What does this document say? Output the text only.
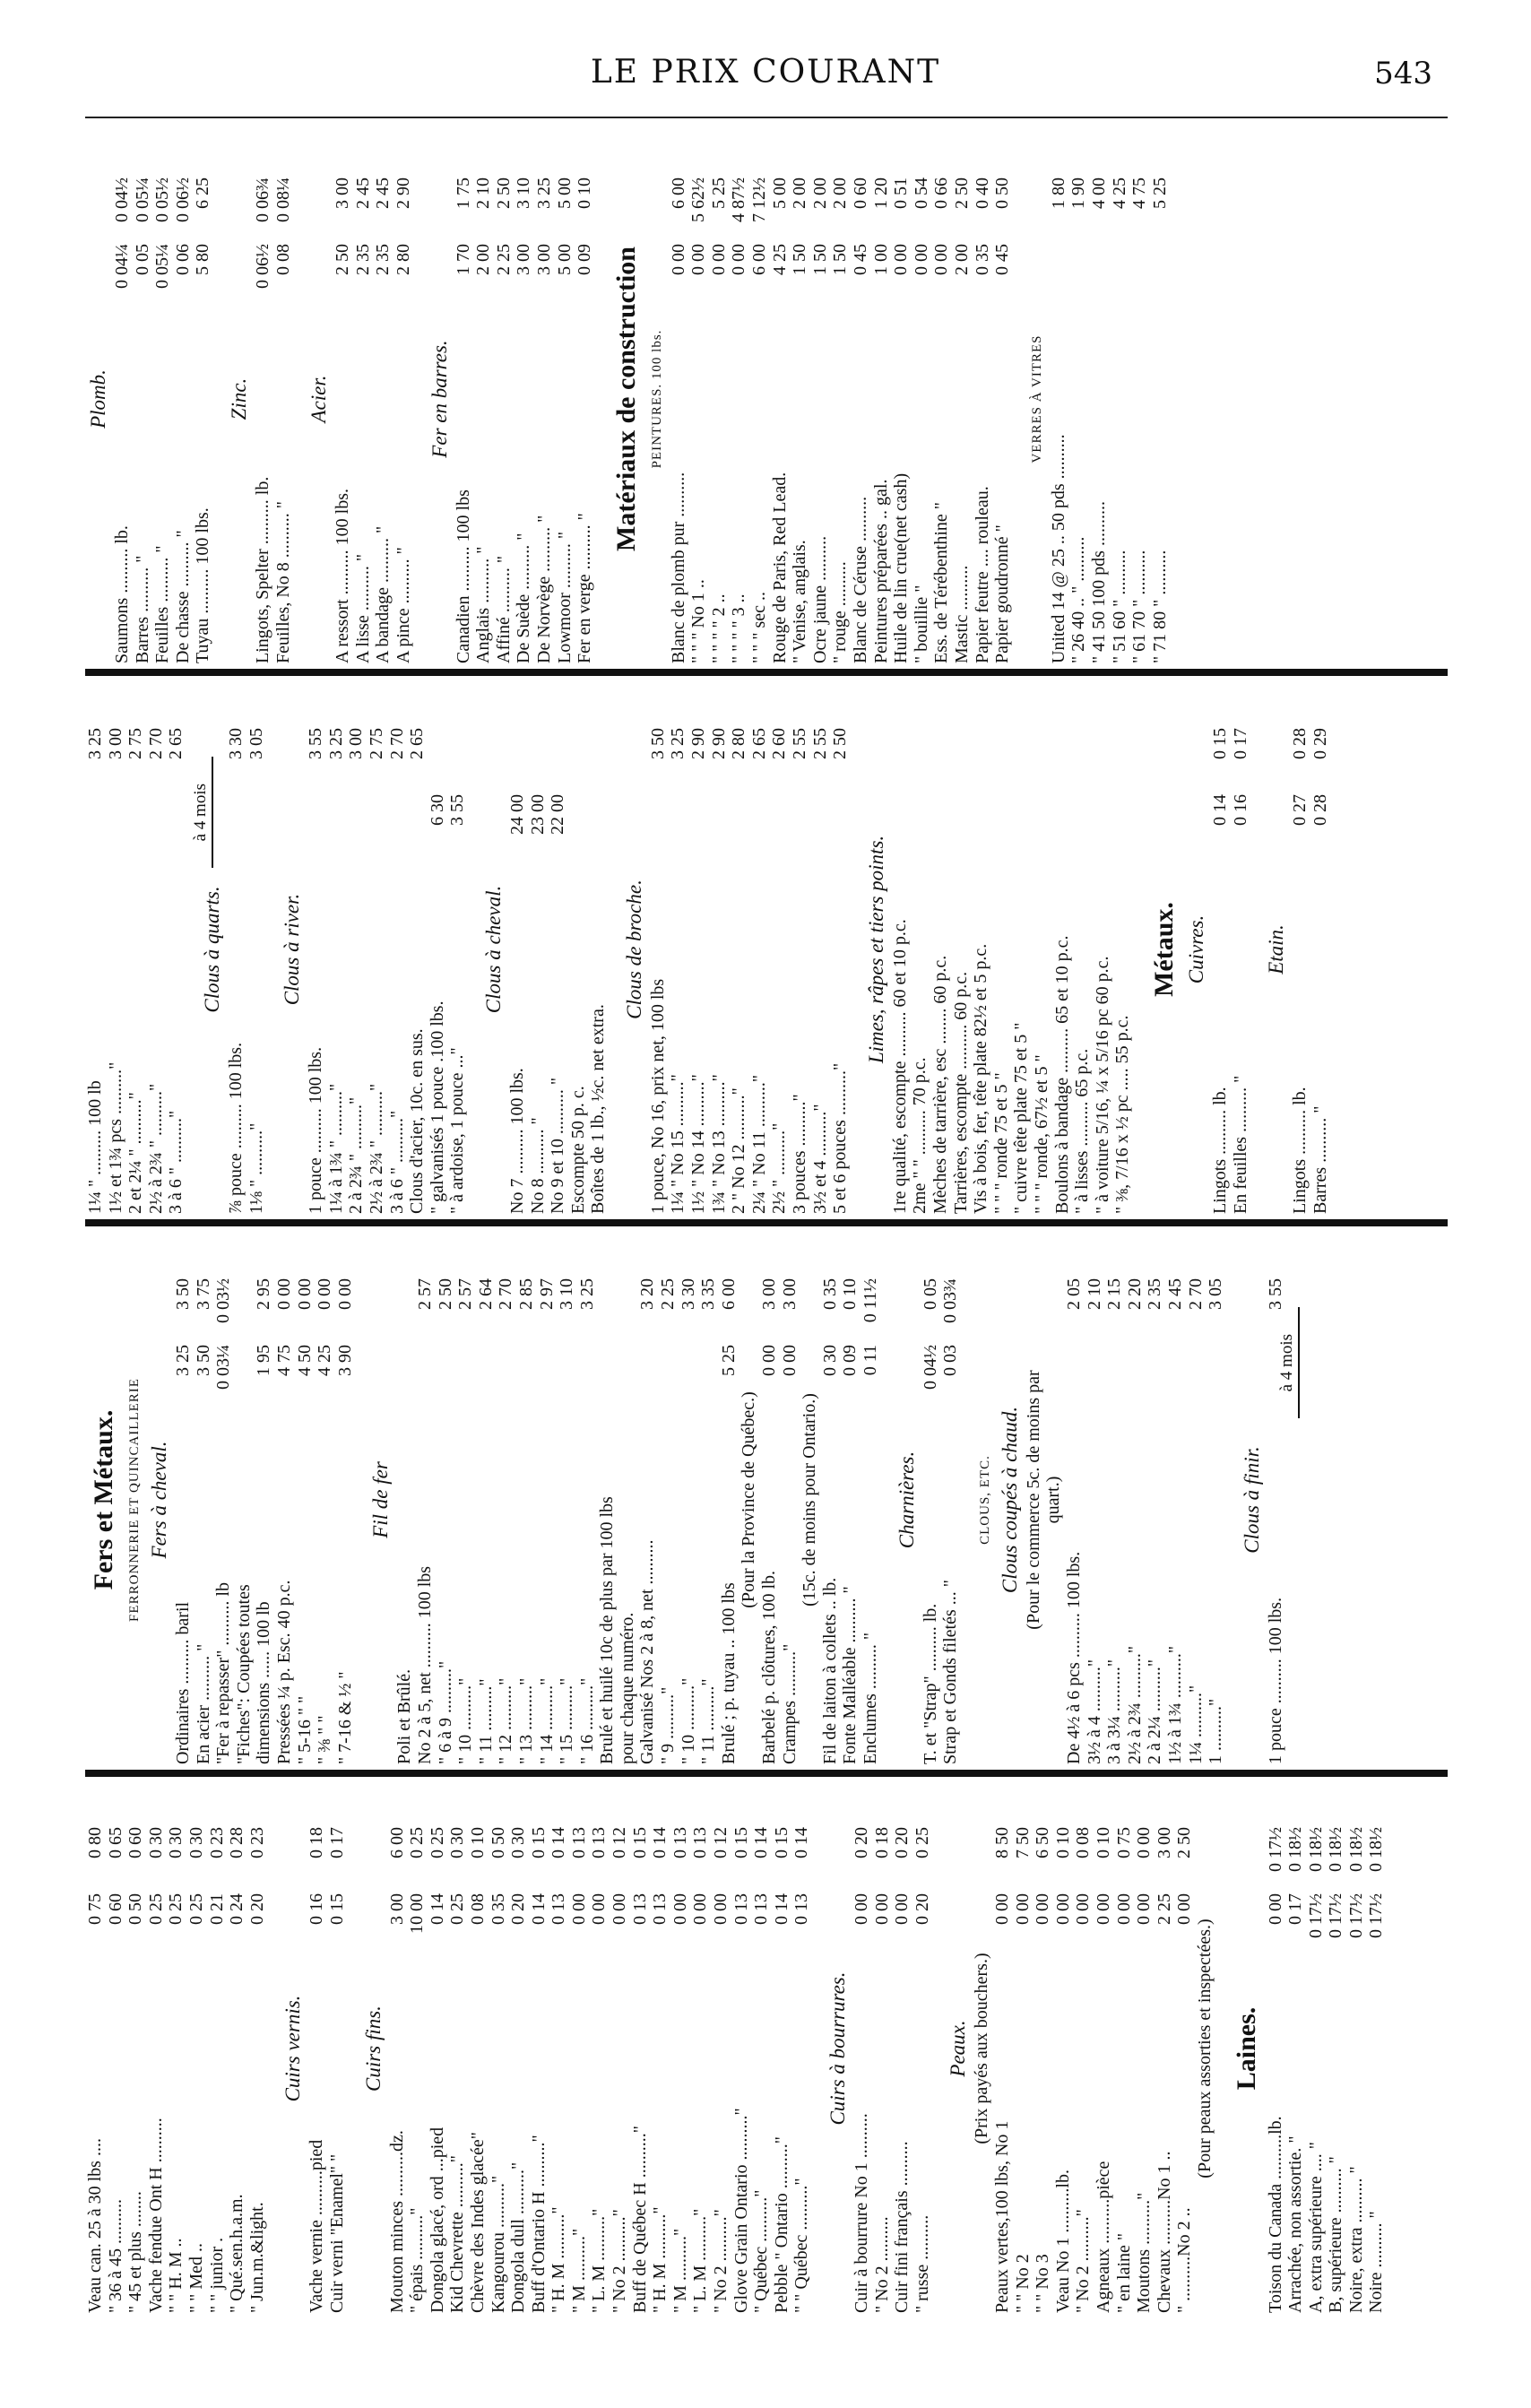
LE PRIX COURANT	543
Veau can. 25 à 30 lbs ....
0 75
0 80
" 36 à 45 ..........
0 60
0 65
" 45 et plus ........
0 50
0 60
Vache fendue Ont H ..........
0 25
0 30
" " H. M ..
0 25
0 30
" " Med ..
0 25
0 30
" " junior .
0 21
0 23
" Qué.sen.h.a.m.
0 24
0 28
" Jun.m.&light.
0 20
0 23
Cuirs vernis.
Vache vernie ..........pied
0 16
0 18
Cuir verni "Enamel" "
0 15
0 17
Cuirs fins.
Mouton minces ..........dz.
3 00
6 00
" épais .........."
10 00
0 25
Dongola glacé, ord ...pied
0 14
0 25
Kid Chevrette .........."
0 25
0 30
Chèvre des Indes glacée"
0 08
0 10
Kangourou .........."
0 35
0 50
Dongola dull .........."
0 20
0 30
Buff d'Ontario H .........."
0 14
0 15
" H. M .........."
0 13
0 14
" M .........."
0 00
0 13
" L. M .........."
0 00
0 13
" No 2 .........."
0 00
0 12
Buff de Québec H .........."
0 13
0 15
" H. M .........."
0 13
0 14
" M .........."
0 00
0 13
" L. M .........."
0 00
0 13
" No 2 .........."
0 00
0 12
Glove Grain Ontario .........."
0 13
0 15
" Québec .........."
0 13
0 14
Pebble " Ontario .........."
0 14
0 15
" " Québec .........."
0 13
0 14
Cuirs à bourrures.
Cuir à bourrure No 1 ..........
0 00
0 20
" No 2 ..........
0 00
0 18
Cuir fini français ..........
0 00
0 20
" russe ..........
0 20
0 25
Peaux. (Prix payés aux bouchers.)
Peaux vertes,100 lbs, No 1
0 00
8 50
" " No 2
0 00
7 50
" " No 3
0 00
6 50
Veau No 1 ..........lb.
0 00
0 10
" No 2 .........."
0 00
0 08
Agneaux ..........pièce
0 00
0 10
" en laine "
0 00
0 75
Moutons .........."
0 00
0 00
Chevaux ..........No 1 ..
2 25
3 00
" ..........No 2 ..
0 00
2 50
(Pour peaux assorties et inspectées.) Laines.
Toison du Canada ..........lb.
0 00
0 17½
Arrachée, non assortie. "
0 17
0 18½
A, extra supérieure .... "
0 17½
0 18½
B, supérieure .......... "
0 17½
0 18½
Noire, extra .......... "
0 17½
0 18½
Noire .......... "
0 17½
0 18½
Fers et Métaux. FERRONNERIE ET QUINCAILLERIE Fers à cheval.
Ordinaires .......... baril
3 25
3 50
En acier .......... "
3 50
3 75
"Fer à repasser" .......... lb
0 03¼
0 03½
"Fiches": Coupées toutes dimensions ...... 100 lb
1 95
2 95
Pressées ¼ p. Esc. 40 p.c.
4 75
0 00
" 5-16 " "
4 50
0 00
" ⅜ " "
4 25
0 00
" 7-16 & ½ "
3 90
0 00
Fil de fer
Poli et Brûlé. No 2 à 5, net .......... 100 lbs
2 57
" 6 à 9 .........."
2 50
" 10 .........."
2 57
" 11 .........."
2 64
" 12 .........."
2 70
" 13 .........."
2 85
" 14 .........."
2 97
" 15 .........."
3 10
" 16 .........."
3 25
Brulé et huilé 10c de plus par 100 lbs pour chaque numéro. Galvanisé Nos 2 à 8, net ..........
3 20
" 9 .........."
2 25
" 10 .........."
3 30
" 11 .........."
3 35
Brulé ; p. tuyau .. 100 lbs
5 25
6 00
(Pour la Province de Québec.)
Barbelé p. clôtures, 100 lb.
0 00
3 00
Crampes .........."
0 00
3 00
(15c. de moins pour Ontario.)
Fil de laiton à collets .. lb.
0 30
0 35
Fonte Malléable .......... "
0 09
0 10
Enclumes .......... "
0 11
0 11½
Charnières.
T. et "Strap" .......... lb.
0 04½
0 05
Strap et Gonds filetés ... "
0 03
0 03¾
CLOUS, ETC. Clous coupés à chaud. (Pour le commerce 5c. de moins par quart.)
De 4½ à 6 pcs .......... 100 lbs.
2 05
3½ à 4 .........."
2 10
3 à 3¼ .........."
2 15
2½ à 2¾ .........."
2 20
2 à 2¼ .........."
2 35
1½ à 1¾ .........."
2 45
1¼ .........."
2 70
1 .........."
3 05
Clous à finir.
1 pouce .......... 100 lbs.
3 55
à 4 mois
1¼ " .......... 100 lb
3 25
1½ et 1¾ pcs .........."
3 00
2 et 2¼ " .........."
2 75
2½ à 2¾ " .........."
2 70
3 à 6 " .........."
2 65
Clous à quarts.
⅞ pouce .......... 100 lbs.
3 30
1⅛ " .........."
3 05
Clous à river.
1 pouce .......... 100 lbs.
3 55
1¼ à 1¾ " .........."
3 25
2 à 2¾ " .........."
3 00
2½ à 2¾ " .........."
2 75
3 à 6 " .........."
2 70
Clous d'acier, 10c. en sus.
2 65
" galvanisés 1 pouce .100 lbs.
6 30
" à ardoise, 1 pouce ..."
3 55
Clous à cheval.
No 7 .......... 100 lbs.
24 00
No 8 .......... "
23 00
No 9 et 10 .......... "
22 00
Escompte 50 p. c. Boîtes de 1 lb., ½c. net extra.
Clous de broche.
1 pouce, No 16, prix net, 100 lbs
3 50
1¼ " No 15 .........."
3 25
1½ " No 14 .........."
2 90
1¾ " No 13 .........."
2 90
2 " No 12 .........."
2 80
2¼ " No 11 .........."
2 65
2½ " .........."
2 60
3 pouces .........."
2 55
3½ et 4 .........."
2 55
5 et 6 pouces .........."
2 50
Limes, râpes et tiers points. 1re qualité, escompte .......... 60 et 10 p.c. 2me " " .......... 70 p.c. Mèches de tarrière, esc ........ 60 p.c. Tarrières, escompte .......... 60 p.c. Vis à bois, fer, tête plate 82½ et 5 p.c. " " " ronde 75 et 5 " " cuivre tête plate 75 et 5 " " " " ronde, 67½ et 5 " Boulons à bandage .......... 65 et 10 p.c. " à lisses .......... 65 p.c. " à voiture 5/16, ¼ x 5/16 pc 60 p.c. " ⅜, 7/16 x ½ pc ..... 55 p.c.
Métaux. Cuivres.
Lingots .......... lb.
0 14
0 15
En feuilles .......... "
0 16
0 17
Etain.
Lingots .......... lb.
0 27
0 28
Barres .......... "
0 28
0 29
à 4 mois
Plomb.
Saumons .......... lb.
0 04¼
0 04½
Barres .......... "
0 05
0 05¼
Feuilles .......... "
0 05¼
0 05½
De chasse .......... "
0 06
0 06½
Tuyau .......... 100 lbs.
5 80
6 25
Zinc.
Lingots, Spelter .......... lb.
0 06½
0 06¾
Feuilles, No 8 .......... "
0 08
0 08¼
Acier.
A ressort .......... 100 lbs.
2 50
3 00
A lisse .......... "
2 35
2 45
A bandage .......... "
2 35
2 45
A pince .......... "
2 80
2 90
Fer en barres.
Canadien .......... 100 lbs
1 70
1 75
Anglais .......... "
2 00
2 10
Affiné .......... "
2 25
2 50
De Suède .......... "
3 00
3 10
De Norvège .......... "
3 00
3 25
Lowmoor .......... "
5 00
5 00
Fer en verge .......... "
0 09
0 10
Matériaux de construction PEINTURES. 100 lbs.
Blanc de plomb pur ..........
0 00
6 00
" " " No 1 ..
0 00
5 62½
" " " " 2 ..
0 00
5 25
" " " " 3 ..
0 00
4 87½
" " " sec ..
6 00
7 12½
Rouge de Paris, Red Lead.
4 25
5 00
" Venise, anglais.
1 50
2 00
Ocre jaune ..........
1 50
2 00
" rouge ..........
1 50
2 00
Blanc de Céruse ..........
0 45
0 60
Peintures préparées .. gal.
1 00
1 20
Huile de lin crue(net cash)
0 00
0 51
" bouillie "
0 00
0 54
Ess. de Térébenthine "
0 00
0 66
Mastic ..........
2 00
2 50
Papier feutre .... rouleau.
0 35
0 40
Papier goudronné "
0 45
0 50
VERRES À VITRES
United 14 @ 25 .. 50 pds ..........
1 80
" 26 40 .. " ..........
1 90
" 41 50 100 pds ..........
4 00
" 51 60 " ..........
4 25
" 61 70 " ..........
4 75
" 71 80 " ..........
5 25
